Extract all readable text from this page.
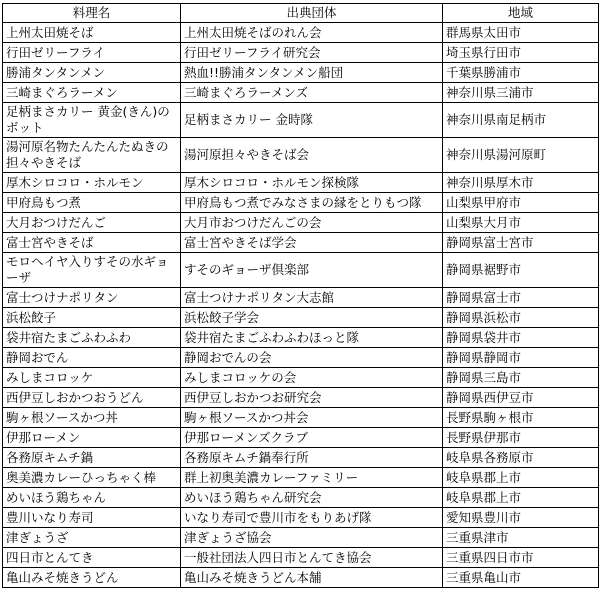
料理名	出典団体	地域
上州太田焼そば	上州太田焼そばのれん会	群馬県太田市
行田ゼリーフライ	行田ゼリーフライ研究会	埼玉県行田市
勝浦タンタンメン	熱血!!勝浦タンタンメン船団	千葉県勝浦市
三崎まぐろラーメン	三崎まぐろラーメンズ	神奈川県三浦市
足柄まさカリー 黄金(きん)のボット	足柄まさカリー 金時隊	神奈川県南足柄市
湯河原名物たんたんたぬきの担々やきそば	湯河原担々やきそば会	神奈川県湯河原町
厚木シロコロ・ホルモン	厚木シロコロ・ホルモン探検隊	神奈川県厚木市
甲府鳥もつ煮	甲府鳥もつ煮でみなさまの縁をとりもつ隊	山梨県甲府市
大月おつけだんご	大月市おつけだんごの会	山梨県大月市
富士宮やきそば	富士宮やきそば学会	静岡県富士宮市
モロヘイヤ入りすその水ギョーザ	すそのギョーザ倶楽部	静岡県裾野市
富士つけナポリタン	富士つけナポリタン大志館	静岡県富士市
浜松餃子	浜松餃子学会	静岡県浜松市
袋井宿たまごふわふわ	袋井宿たまごふわふわほっと隊	静岡県袋井市
静岡おでん	静岡おでんの会	静岡県静岡市
みしまコロッケ	みしまコロッケの会	静岡県三島市
西伊豆しおかつおうどん	西伊豆しおかつお研究会	静岡県西伊豆市
駒ヶ根ソースかつ丼	駒ヶ根ソースかつ丼会	長野県駒ヶ根市
伊那ローメン	伊那ローメンズクラブ	長野県伊那市
各務原キムチ鍋	各務原キムチ鍋奉行所	岐阜県各務原市
奥美濃カレーひっちゃく棒	群上初奥美濃カレーファミリー	岐阜県郡上市
めいほう鶏ちゃん	めいほう鶏ちゃん研究会	岐阜県郡上市
豊川いなり寿司	いなり寿司で豊川市をもりあげ隊	愛知県豊川市
津ぎょうざ	津ぎょうざ協会	三重県津市
四日市とんてき	一般社団法人四日市とんてき協会	三重県四日市市
亀山みそ焼きうどん	亀山みそ焼きうどん本舗	三重県亀山市
